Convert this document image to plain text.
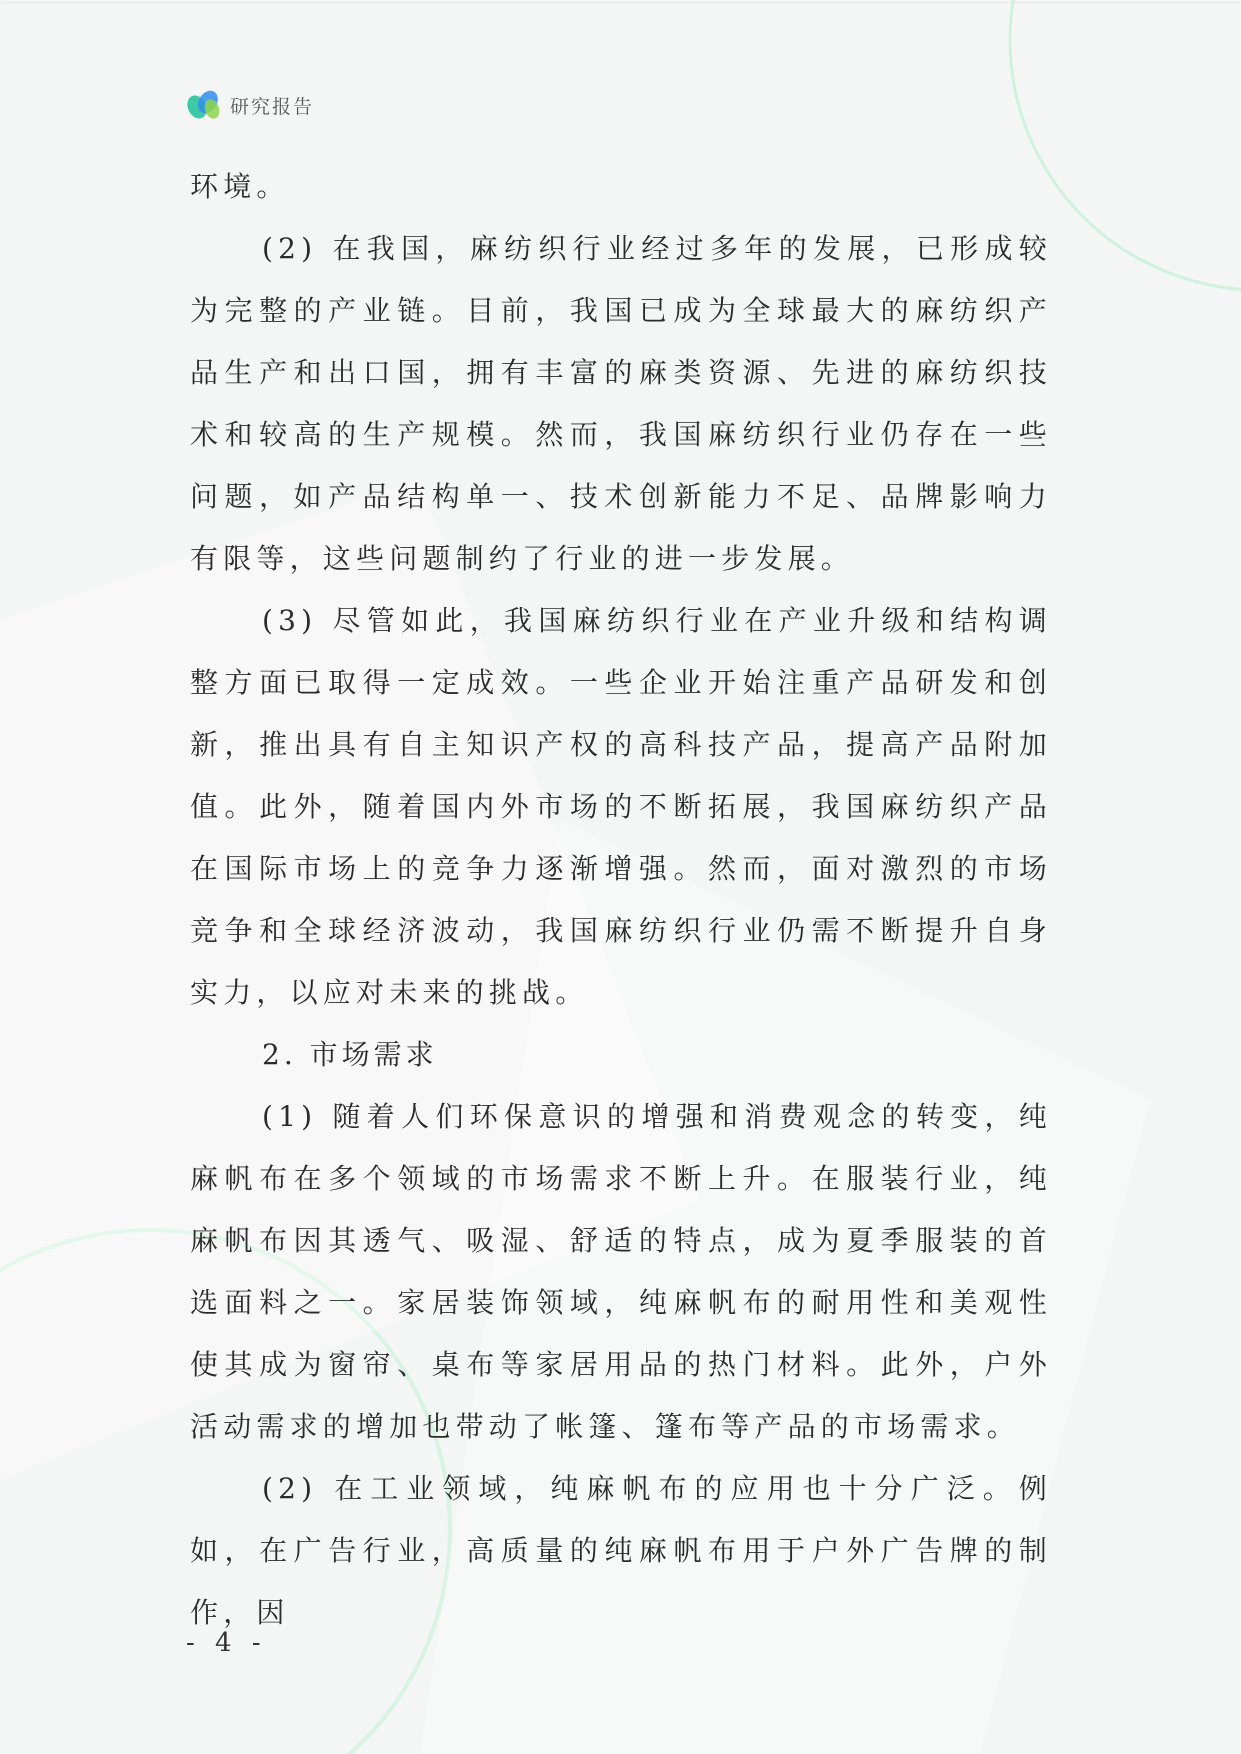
研究报告

环境。

(2) 在我国，麻纺织行业经过多年的发展，已形成较为完整的产业链。目前，我国已成为全球最大的麻纺织产品生产和出口国，拥有丰富的麻类资源、先进的麻纺织技术和较高的生产规模。然而，我国麻纺织行业仍存在一些问题，如产品结构单一、技术创新能力不足、品牌影响力有限等，这些问题制约了行业的进一步发展。

(3) 尽管如此，我国麻纺织行业在产业升级和结构调整方面已取得一定成效。一些企业开始注重产品研发和创新，推出具有自主知识产权的高科技产品，提高产品附加值。此外，随着国内外市场的不断拓展，我国麻纺织产品在国际市场上的竞争力逐渐增强。然而，面对激烈的市场竞争和全球经济波动，我国麻纺织行业仍需不断提升自身实力，以应对未来的挑战。

2. 市场需求

(1) 随着人们环保意识的增强和消费观念的转变，纯麻帆布在多个领域的市场需求不断上升。在服装行业，纯麻帆布因其透气、吸湿、舒适的特点，成为夏季服装的首选面料之一。家居装饰领域，纯麻帆布的耐用性和美观性使其成为窗帘、桌布等家居用品的热门材料。此外，户外活动需求的增加也带动了帐篷、篷布等产品的市场需求。

(2) 在工业领域，纯麻帆布的应用也十分广泛。例如，在广告行业，高质量的纯麻帆布用于户外广告牌的制作，因

- 4 -
